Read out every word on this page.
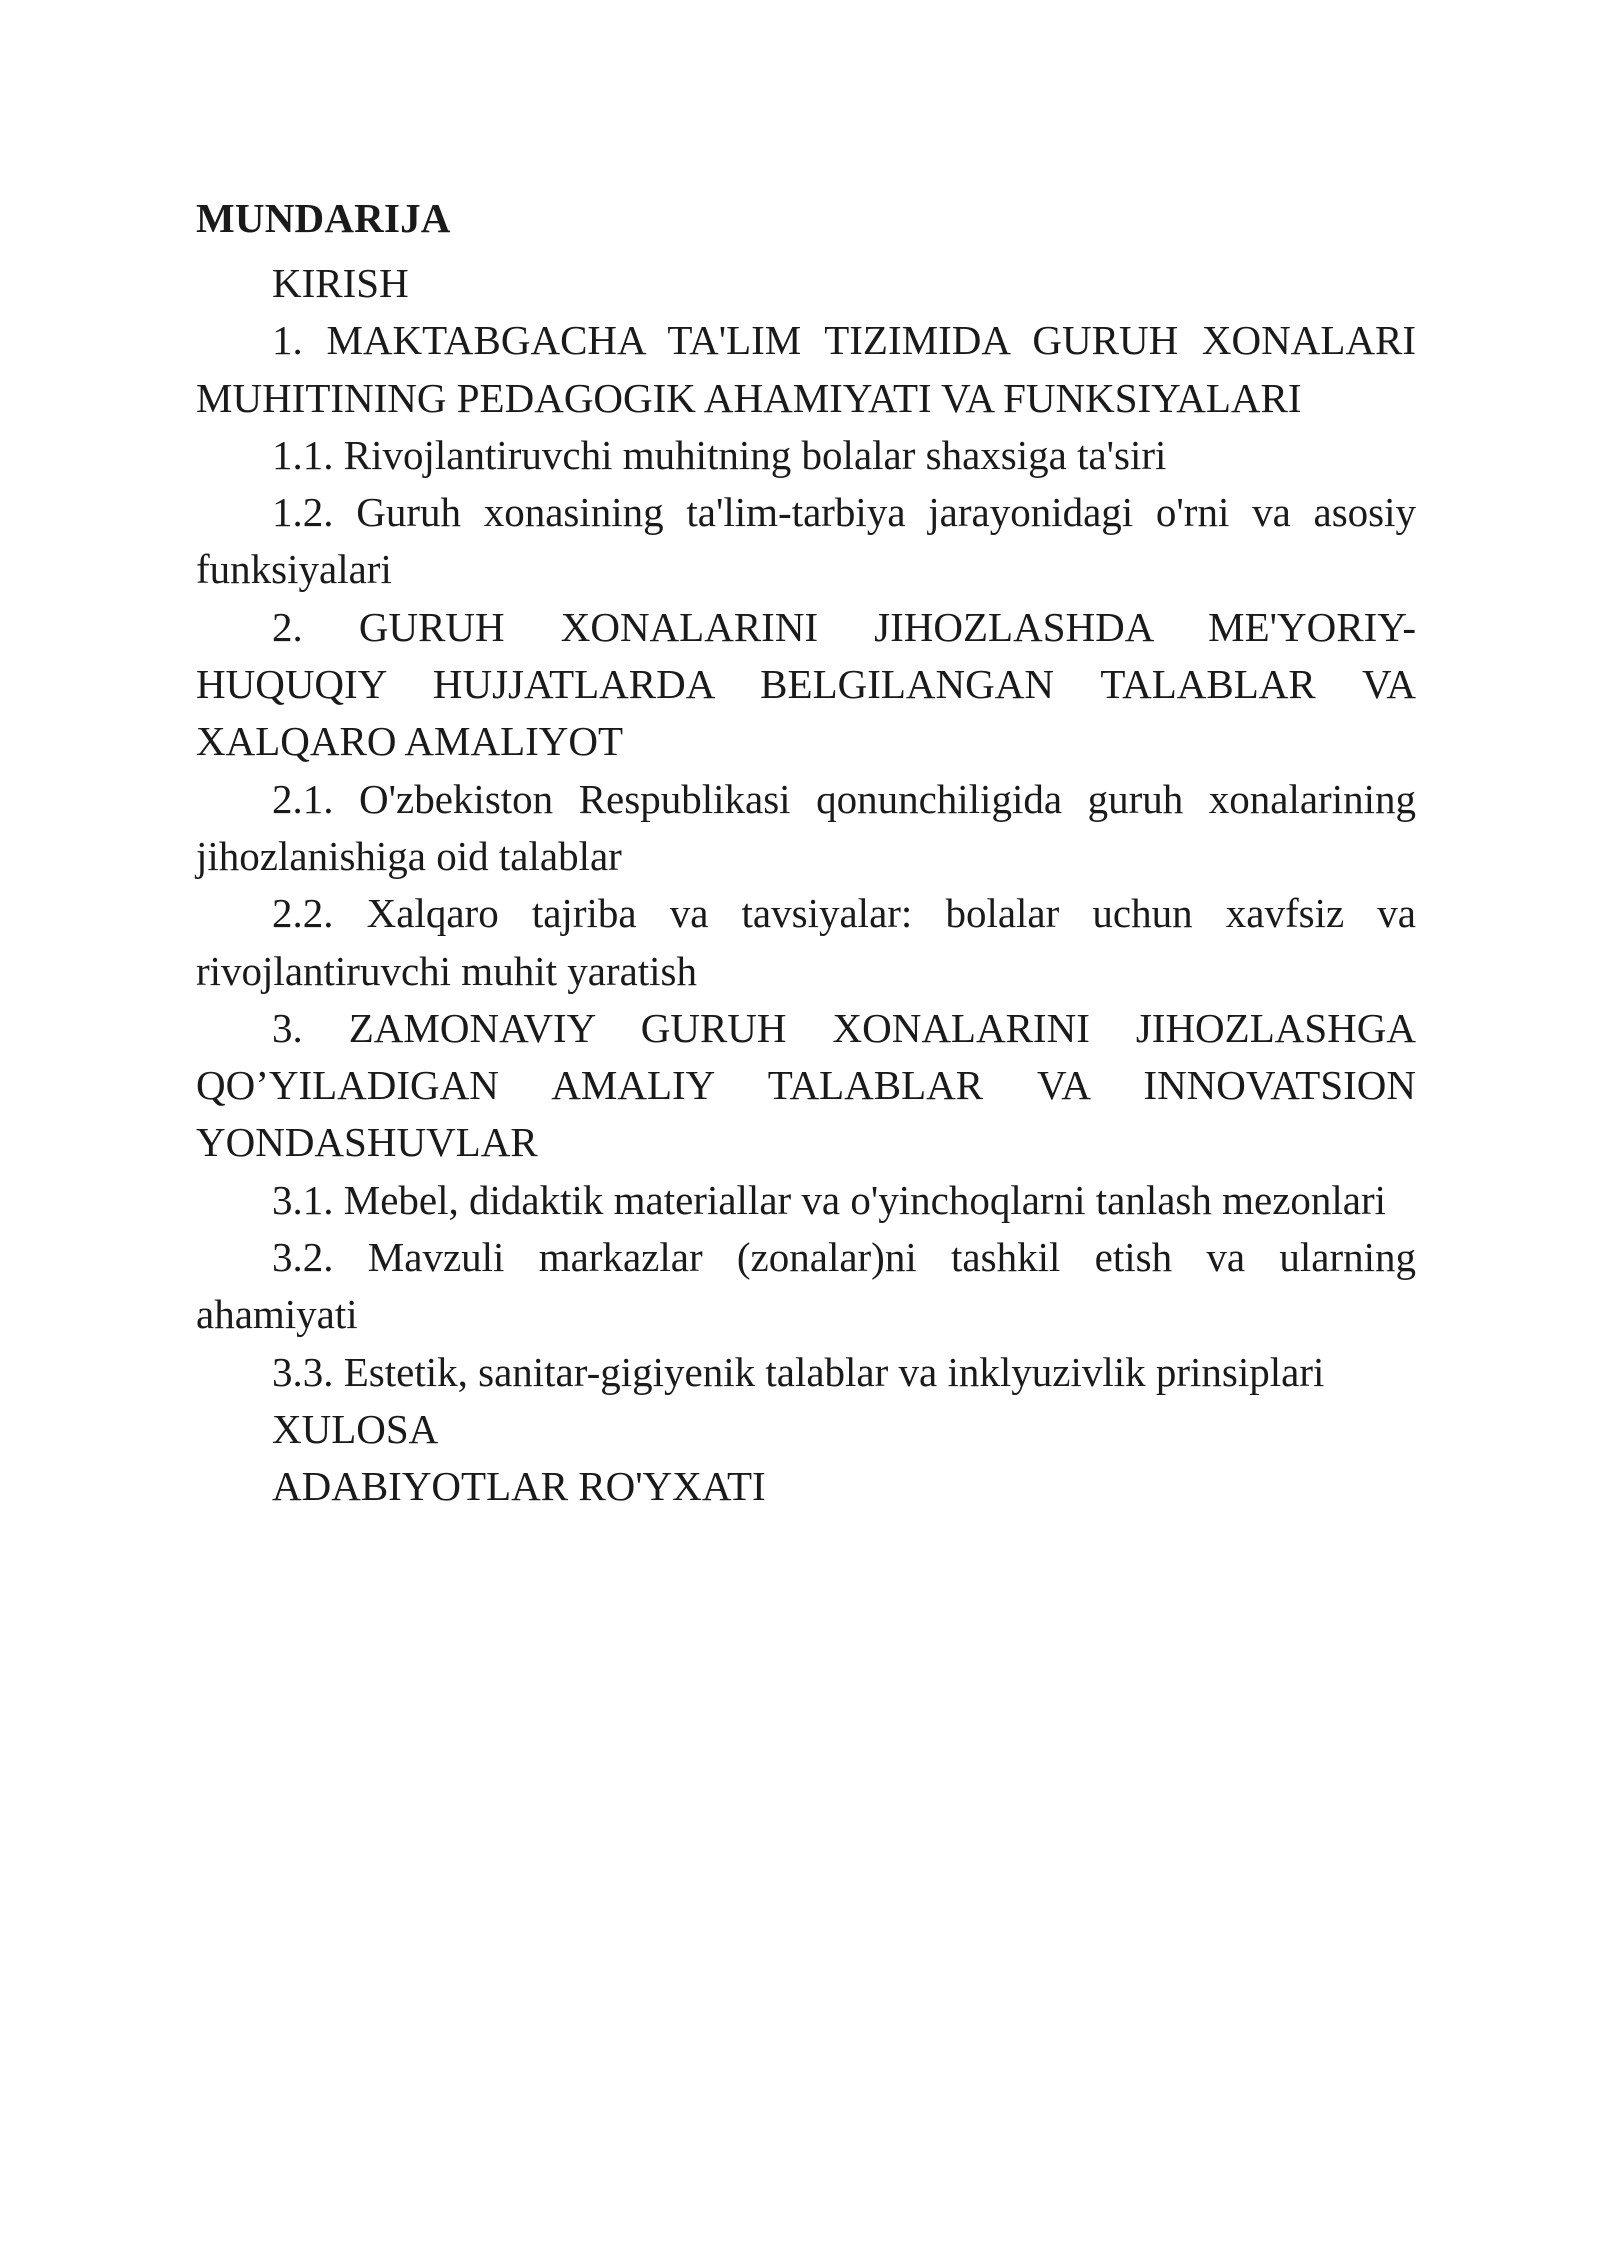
MUNDARIJA
KIRISH
1. MAKTABGACHA TA'LIM TIZIMIDA GURUH XONALARI MUHITINING PEDAGOGIK AHAMIYATI VA FUNKSIYALARI
1.1. Rivojlantiruvchi muhitning bolalar shaxsiga ta'siri
1.2. Guruh xonasining ta'lim-tarbiya jarayonidagi o'rni va asosiy funksiyalari
2. GURUH XONALARINI JIHOZLASHDA ME'YORIY-HUQUQIY HUJJATLARDA BELGILANGAN TALABLAR VA XALQARO AMALIYOT
2.1. O'zbekiston Respublikasi qonunchiligida guruh xonalarining jihozlanishiga oid talablar
2.2. Xalqaro tajriba va tavsiyalar: bolalar uchun xavfsiz va rivojlantiruvchi muhit yaratish
3. ZAMONAVIY GURUH XONALARINI JIHOZLASHGA QO’YILADIGAN AMALIY TALABLAR VA INNOVATSION YONDASHUVLAR
3.1. Mebel, didaktik materiallar va o'yinchoqlarni tanlash mezonlari
3.2. Mavzuli markazlar (zonalar)ni tashkil etish va ularning ahamiyati
3.3. Estetik, sanitar-gigiyenik talablar va inklyuzivlik prinsiplari
XULOSA
ADABIYOTLAR RO'YXATI
